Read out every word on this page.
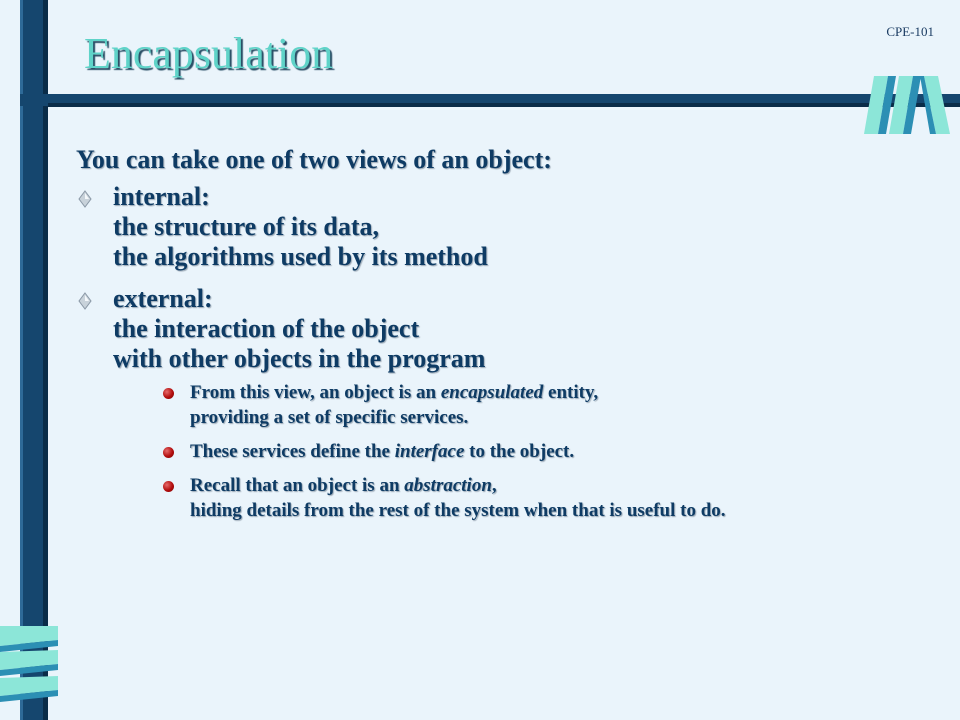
Encapsulation	CPE-101
You can take one of two views of an object:
internal:
the structure of its data,
the algorithms used by its method
external:
the interaction of the object
with other objects in the program
From this view, an object is an encapsulated entity,
providing a set of specific services.
These services define the interface to the object.
Recall that an object is an abstraction,
hiding details from the rest of the system when that is useful to do.
